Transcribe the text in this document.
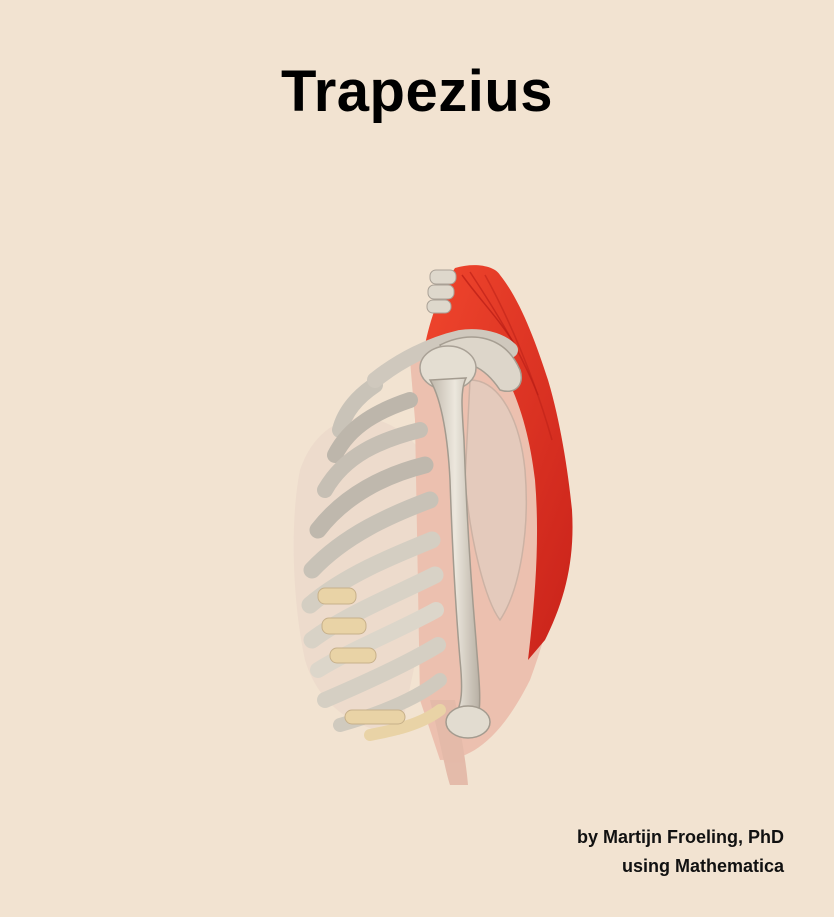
Trapezius
by Martijn Froeling, PhD
using Mathematica
